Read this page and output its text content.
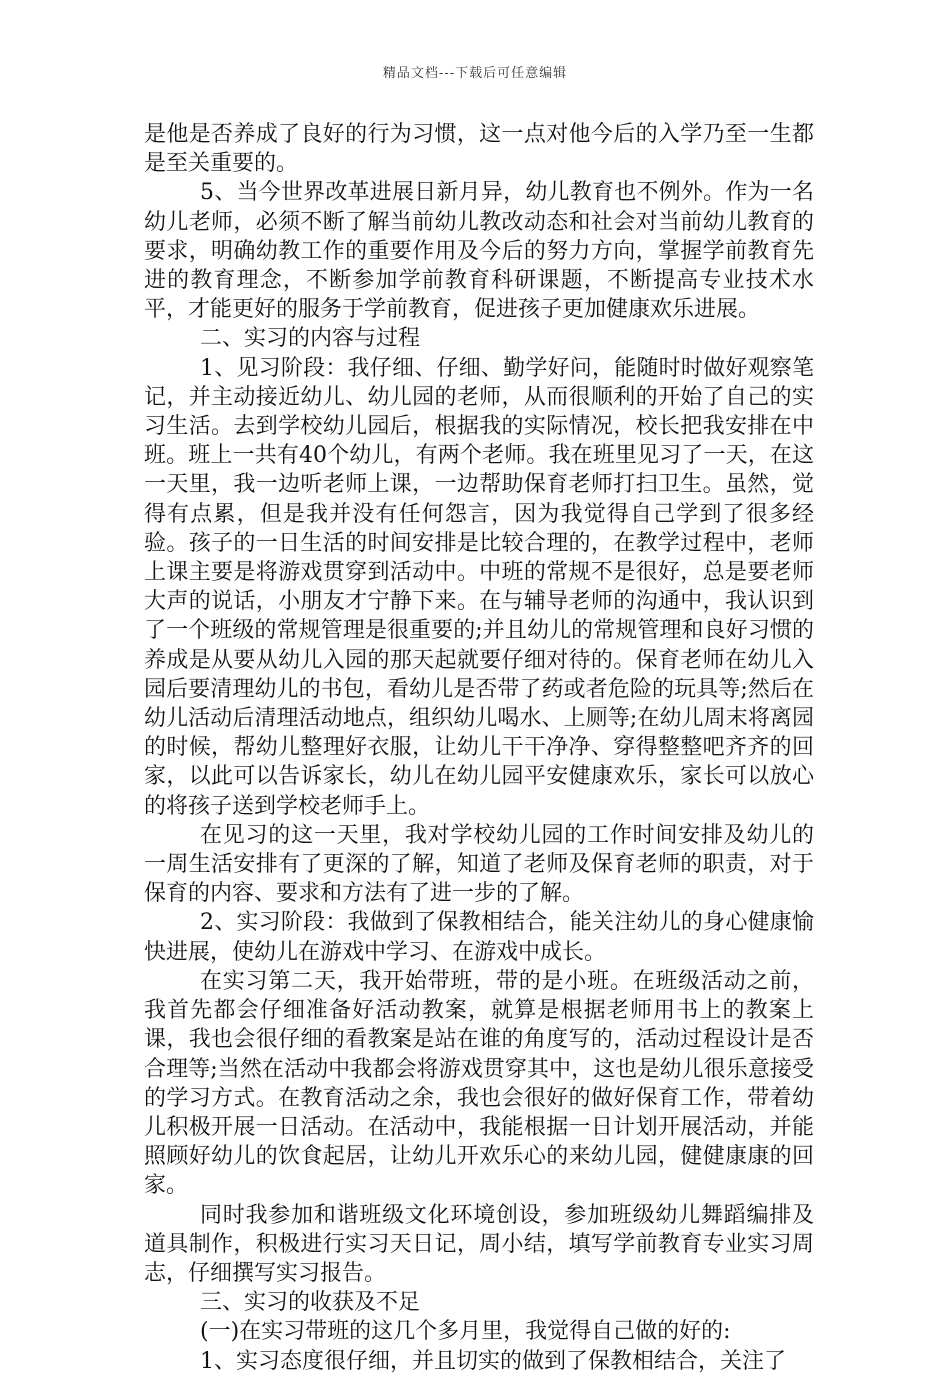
精品文档---下载后可任意编辑

是他是否养成了良好的行为习惯，这一点对他今后的入学乃至一生都是至关重要的。

5、当今世界改革进展日新月异，幼儿教育也不例外。作为一名幼儿老师，必须不断了解当前幼儿教改动态和社会对当前幼儿教育的要求，明确幼教工作的重要作用及今后的努力方向，掌握学前教育先进的教育理念，不断参加学前教育科研课题，不断提高专业技术水平，才能更好的服务于学前教育，促进孩子更加健康欢乐进展。

二、实习的内容与过程

1、见习阶段：我仔细、仔细、勤学好问，能随时时做好观察笔记，并主动接近幼儿、幼儿园的老师，从而很顺利的开始了自己的实习生活。去到学校幼儿园后，根据我的实际情况，校长把我安排在中班。班上一共有40个幼儿，有两个老师。我在班里见习了一天，在这一天里，我一边听老师上课，一边帮助保育老师打扫卫生。虽然，觉得有点累，但是我并没有任何怨言，因为我觉得自己学到了很多经验。孩子的一日生活的时间安排是比较合理的，在教学过程中，老师上课主要是将游戏贯穿到活动中。中班的常规不是很好，总是要老师大声的说话，小朋友才宁静下来。在与辅导老师的沟通中，我认识到了一个班级的常规管理是很重要的;并且幼儿的常规管理和良好习惯的养成是从要从幼儿入园的那天起就要仔细对待的。保育老师在幼儿入园后要清理幼儿的书包，看幼儿是否带了药或者危险的玩具等;然后在幼儿活动后清理活动地点，组织幼儿喝水、上厕等;在幼儿周末将离园的时候，帮幼儿整理好衣服，让幼儿干干净净、穿得整整吧齐齐的回家，以此可以告诉家长，幼儿在幼儿园平安健康欢乐，家长可以放心的将孩子送到学校老师手上。

在见习的这一天里，我对学校幼儿园的工作时间安排及幼儿的一周生活安排有了更深的了解，知道了老师及保育老师的职责，对于保育的内容、要求和方法有了进一步的了解。

2、实习阶段：我做到了保教相结合，能关注幼儿的身心健康愉快进展，使幼儿在游戏中学习、在游戏中成长。

在实习第二天，我开始带班，带的是小班。在班级活动之前，我首先都会仔细准备好活动教案，就算是根据老师用书上的教案上课，我也会很仔细的看教案是站在谁的角度写的，活动过程设计是否合理等;当然在活动中我都会将游戏贯穿其中，这也是幼儿很乐意接受的学习方式。在教育活动之余，我也会很好的做好保育工作，带着幼儿积极开展一日活动。在活动中，我能根据一日计划开展活动，并能照顾好幼儿的饮食起居，让幼儿开欢乐心的来幼儿园，健健康康的回家。

同时我参加和谐班级文化环境创设，参加班级幼儿舞蹈编排及道具制作，积极进行实习天日记，周小结，填写学前教育专业实习周志，仔细撰写实习报告。

三、实习的收获及不足

(一)在实习带班的这几个多月里，我觉得自己做的好的:

1、实习态度很仔细，并且切实的做到了保教相结合，关注了
